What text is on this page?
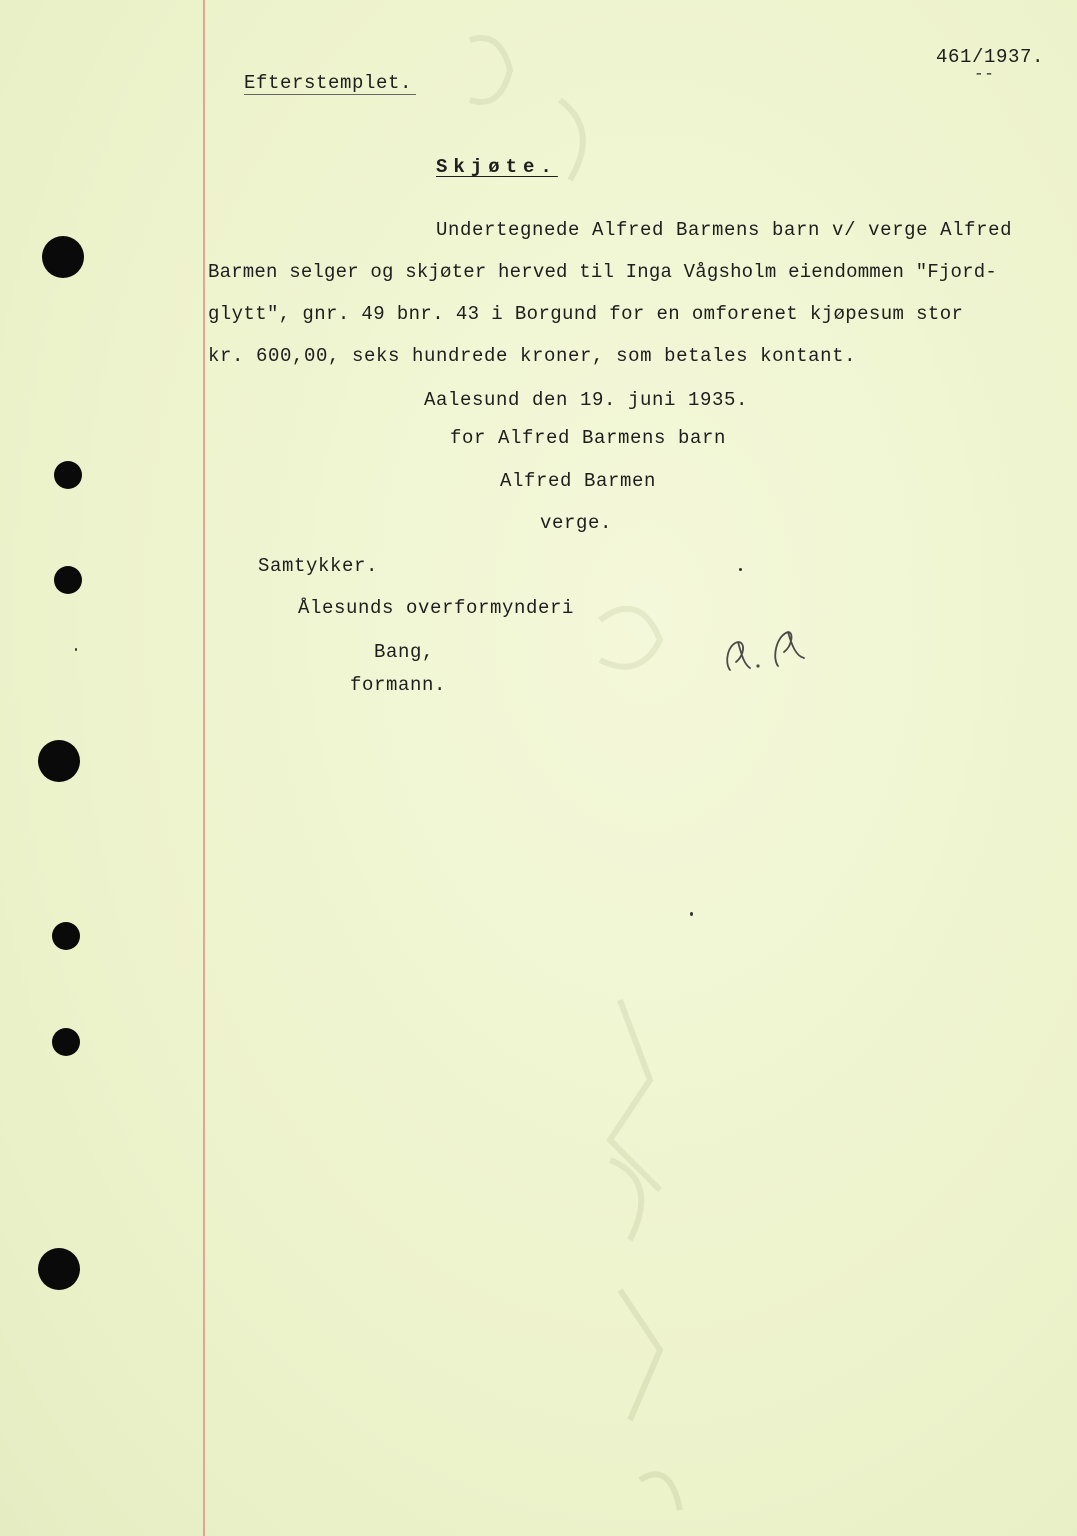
Efterstemplet.
461/1937.
--
Skjøte.
Undertegnede Alfred Barmens barn v/ verge Alfred
Barmen selger og skjøter herved til Inga Vågsholm eiendommen "Fjord-
glytt", gnr. 49 bnr. 43 i Borgund for en omforenet kjøpesum stor
kr. 600,00, seks hundrede kroner, som betales kontant.
Aalesund den 19. juni 1935.
for Alfred Barmens barn
Alfred Barmen
verge.
Samtykker.
Ålesunds overformynderi
Bang,
formann.
